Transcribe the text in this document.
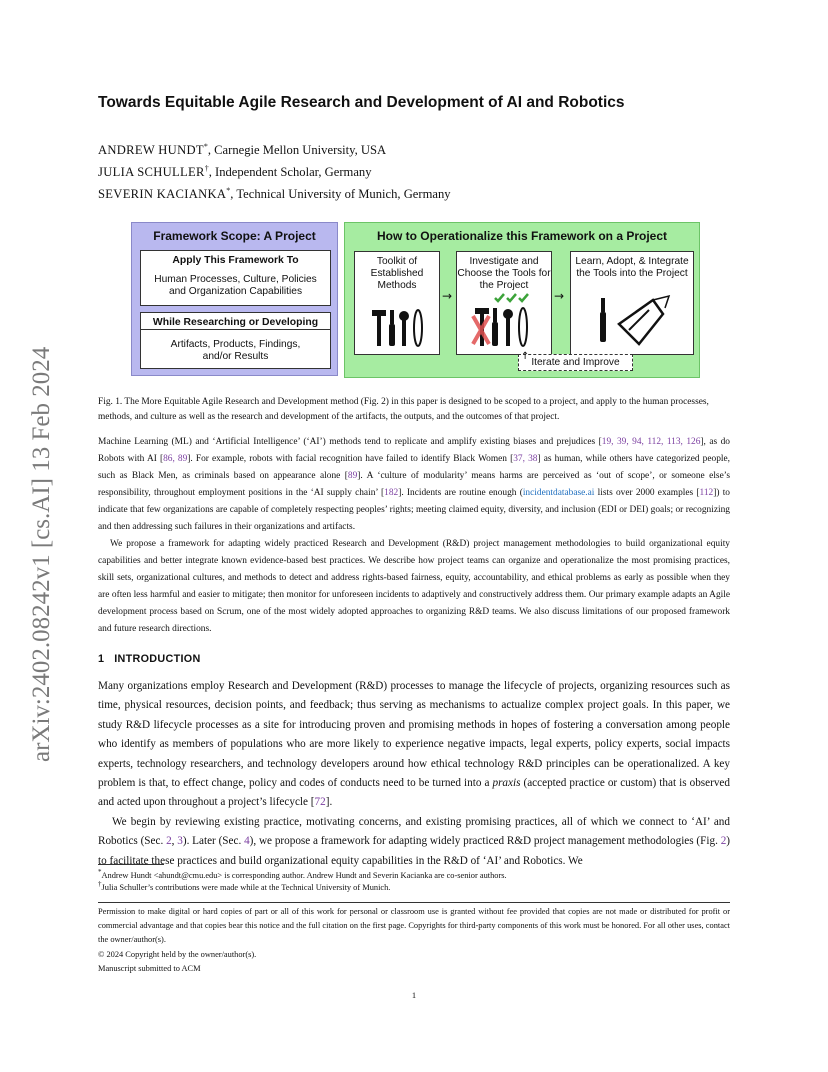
arXiv:2402.08242v1 [cs.AI] 13 Feb 2024
Towards Equitable Agile Research and Development of AI and Robotics
ANDREW HUNDT*, Carnegie Mellon University, USA
JULIA SCHULLER†, Independent Scholar, Germany
SEVERIN KACIANKA*, Technical University of Munich, Germany
Framework Scope: A Project
Apply This Framework To
Human Processes, Culture, Policies and Organization Capabilities
While Researching or Developing
Artifacts, Products, Findings, and/or Results
How to Operationalize this Framework on a Project
Toolkit of Established Methods
→
Investigate and Choose the Tools for the Project
→
Learn, Adopt, & Integrate the Tools into the Project
Iterate and Improve
↑
Fig. 1. The More Equitable Agile Research and Development method (Fig. 2) in this paper is designed to be scoped to a project, and apply to the human processes, methods, and culture as well as the research and development of the artifacts, the outputs, and the outcomes of that project.

Machine Learning (ML) and ‘Artificial Intelligence’ (‘AI’) methods tend to replicate and amplify existing biases and prejudices [19, 39, 94, 112, 113, 126], as do Robots with AI [86, 89]. For example, robots with facial recognition have failed to identify Black Women [37, 38] as human, while others have categorized people, such as Black Men, as criminals based on appearance alone [89]. A ‘culture of modularity’ means harms are perceived as ‘out of scope’, or someone else’s responsibility, throughout employment positions in the ‘AI supply chain’ [182]. Incidents are routine enough (incidentdatabase.ai lists over 2000 examples [112]) to indicate that few organizations are capable of completely respecting peoples’ rights; meeting claimed equity, diversity, and inclusion (EDI or DEI) goals; or recognizing and then addressing such failures in their organizations and artifacts.

We propose a framework for adapting widely practiced Research and Development (R&D) project management methodologies to build organizational equity capabilities and better integrate known evidence-based best practices. We describe how project teams can organize and operationalize the most promising practices, skill sets, organizational cultures, and methods to detect and address rights-based fairness, equity, accountability, and ethical problems as early as possible when they are often less harmful and easier to mitigate; then monitor for unforeseen incidents to adaptively and constructively address them. Our primary example adapts an Agile development process based on Scrum, one of the most widely adopted approaches to organizing R&D teams. We also discuss limitations of our proposed framework and future research directions.

1 INTRODUCTION

Many organizations employ Research and Development (R&D) processes to manage the lifecycle of projects, organizing resources such as time, physical resources, decision points, and feedback; thus serving as mechanisms to actualize complex project goals. In this paper, we study R&D lifecycle processes as a site for introducing proven and promising methods in hopes of fostering a conversation among people who identify as members of populations who are more likely to experience negative impacts, legal experts, policy experts, social impacts experts, technology researchers, and technology developers around how ethical technology R&D principles can be operationalized. A key problem is that, to effect change, policy and codes of conducts need to be turned into a praxis (accepted practice or custom) that is observed and acted upon throughout a project’s lifecycle [72].

We begin by reviewing existing practice, motivating concerns, and existing promising practices, all of which we connect to ‘AI’ and Robotics (Sec. 2, 3). Later (Sec. 4), we propose a framework for adapting widely practiced R&D project management methodologies (Fig. 2) to facilitate these practices and build organizational equity capabilities in the R&D of ‘AI’ and Robotics. We

*Andrew Hundt <ahundt@cmu.edu> is corresponding author. Andrew Hundt and Severin Kacianka are co-senior authors.
†Julia Schuller’s contributions were made while at the Technical University of Munich.
Permission to make digital or hard copies of part or all of this work for personal or classroom use is granted without fee provided that copies are not made or distributed for profit or commercial advantage and that copies bear this notice and the full citation on the first page. Copyrights for third-party components of this work must be honored. For all other uses, contact the owner/author(s).
© 2024 Copyright held by the owner/author(s).
Manuscript submitted to ACM
1
